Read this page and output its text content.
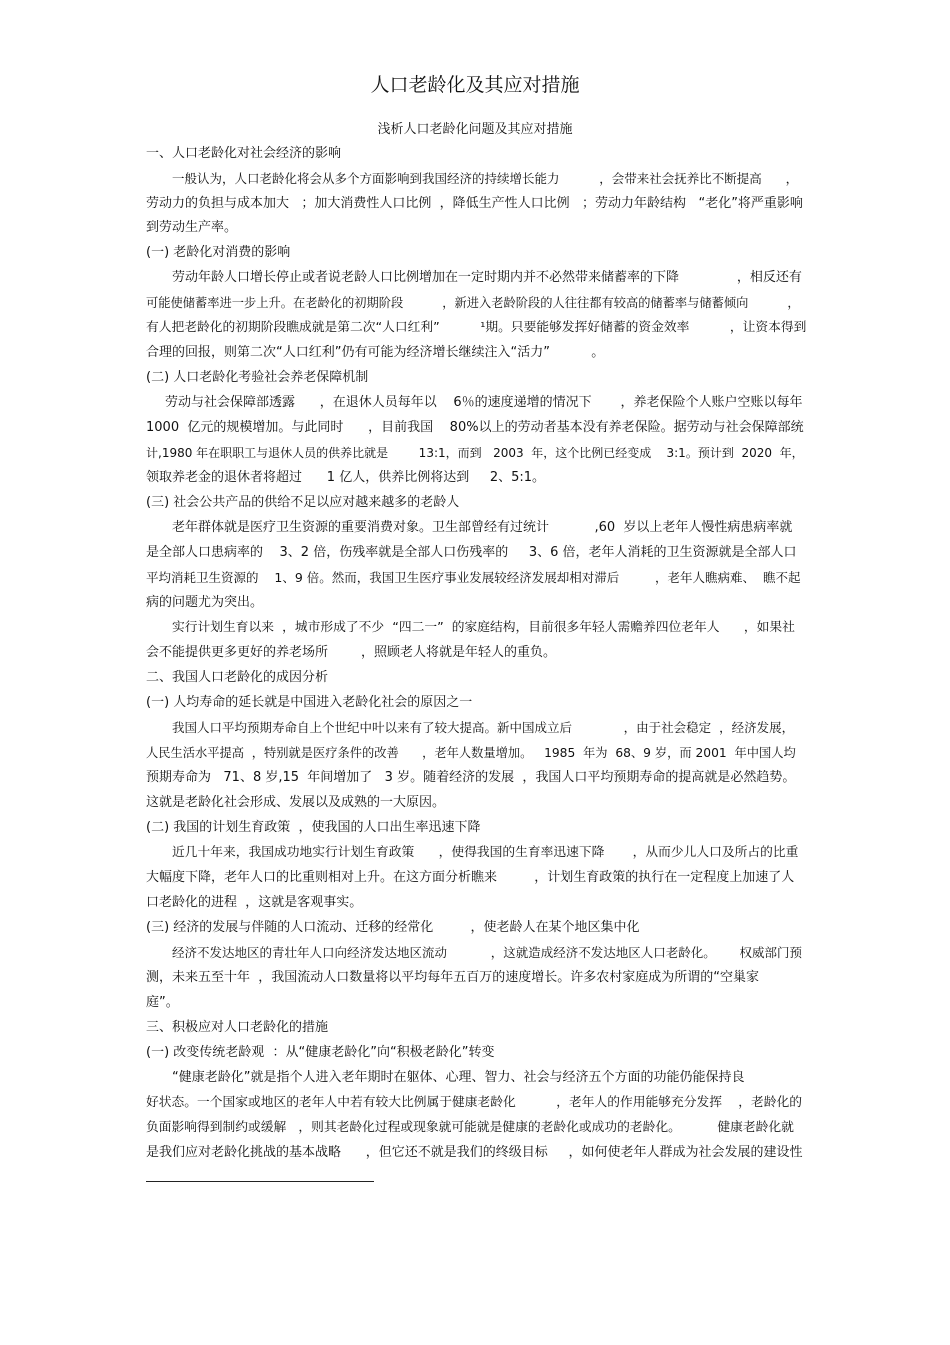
人口老龄化及其应对措施
浅析人口老龄化问题及其应对措施
一、人口老龄化对社会经济的影响
一般认为，人口老龄化将会从多个方面影响到我国经济的持续增长能力          ，会带来社会抚养比不断提高      ，
劳动力的负担与成本加大   ；加大消费性人口比例  ，降低生产性人口比例   ；劳动力年龄结构   “老化”将严重影响
到劳动生产率。
(一) 老龄化对消费的影响
劳动年龄人口增长停止或者说老龄人口比例增加在一定时期内并不必然带来储蓄率的下降              ，相反还有
可能使储蓄率进一步上升。在老龄化的初期阶段          ，新进入老龄阶段的人往往都有较高的储蓄率与储蓄倾向          ，
有人把老龄化的初期阶段瞧成就是第二次“人口红利”          ¹期。只要能够发挥好储蓄的资金效率          ，让资本得到
合理的回报，则第二次“人口红利”仍有可能为经济增长继续注入“活力”          。
(二) 人口老龄化考验社会养老保障机制
劳动与社会保障部透露      ，在退休人员每年以    6％的速度递增的情况下       ，养老保险个人账户空账以每年
1000  亿元的规模增加。与此同时      ，目前我国    80%以上的劳动者基本没有养老保险。据劳动与社会保障部统
计,1980 年在职职工与退休人员的供养比就是        13:1，而到   2003  年，这个比例已经变成    3:1。预计到  2020  年，
领取养老金的退休者将超过      1 亿人，供养比例将达到     2、5:1。
(三) 社会公共产品的供给不足以应对越来越多的老龄人
老年群体就是医疗卫生资源的重要消费对象。卫生部曾经有过统计           ,60  岁以上老年人慢性病患病率就
是全部人口患病率的    3、2 倍，伤残率就是全部人口伤残率的     3、6 倍，老年人消耗的卫生资源就是全部人口
平均消耗卫生资源的    1、9 倍。然而，我国卫生医疗事业发展较经济发展却相对滞后         ，老年人瞧病难、  瞧不起
病的问题尤为突出。
实行计划生育以来  ，城市形成了不少  “四二一”  的家庭结构，目前很多年轻人需赡养四位老年人      ，如果社
会不能提供更多更好的养老场所        ，照顾老人将就是年轻人的重负。
二、我国人口老龄化的成因分析
(一) 人均寿命的延长就是中国进入老龄化社会的原因之一
我国人口平均预期寿命自上个世纪中叶以来有了较大提高。新中国成立后             ，由于社会稳定  ，经济发展，
人民生活水平提高  ，特别就是医疗条件的改善      ，老年人数量增加。   1985  年为  68、9 岁，而 2001  年中国人均
预期寿命为   71、8 岁,15  年间增加了   3 岁。随着经济的发展  ，我国人口平均预期寿命的提高就是必然趋势。
这就是老龄化社会形成、发展以及成熟的一大原因。
(二) 我国的计划生育政策  ，使我国的人口出生率迅速下降
近几十年来，我国成功地实行计划生育政策      ，使得我国的生育率迅速下降       ，从而少儿人口及所占的比重
大幅度下降，老年人口的比重则相对上升。在这方面分析瞧来         ，计划生育政策的执行在一定程度上加速了人
口老龄化的进程  ，这就是客观事实。
(三) 经济的发展与伴随的人口流动、迁移的经常化         ，使老龄人在某个地区集中化
经济不发达地区的青壮年人口向经济发达地区流动           ，这就造成经济不发达地区人口老龄化。      权威部门预
测，未来五至十年  ，我国流动人口数量将以平均每年五百万的速度增长。许多农村家庭成为所谓的“空巢家
庭”。
三、积极应对人口老龄化的措施
(一) 改变传统老龄观  ：从“健康老龄化”向“积极老龄化”转变
“健康老龄化”就是指个人进入老年期时在躯体、心理、智力、社会与经济五个方面的功能仍能保持良
好状态。一个国家或地区的老年人中若有较大比例属于健康老龄化          ，老年人的作用能够充分发挥    ，老龄化的
负面影响得到制约或缓解   ，则其老龄化过程或现象就可能就是健康的老龄化或成功的老龄化。         健康老龄化就
是我们应对老龄化挑战的基本战略      ，但它还不就是我们的终级目标     ，如何使老年人群成为社会发展的建设性
